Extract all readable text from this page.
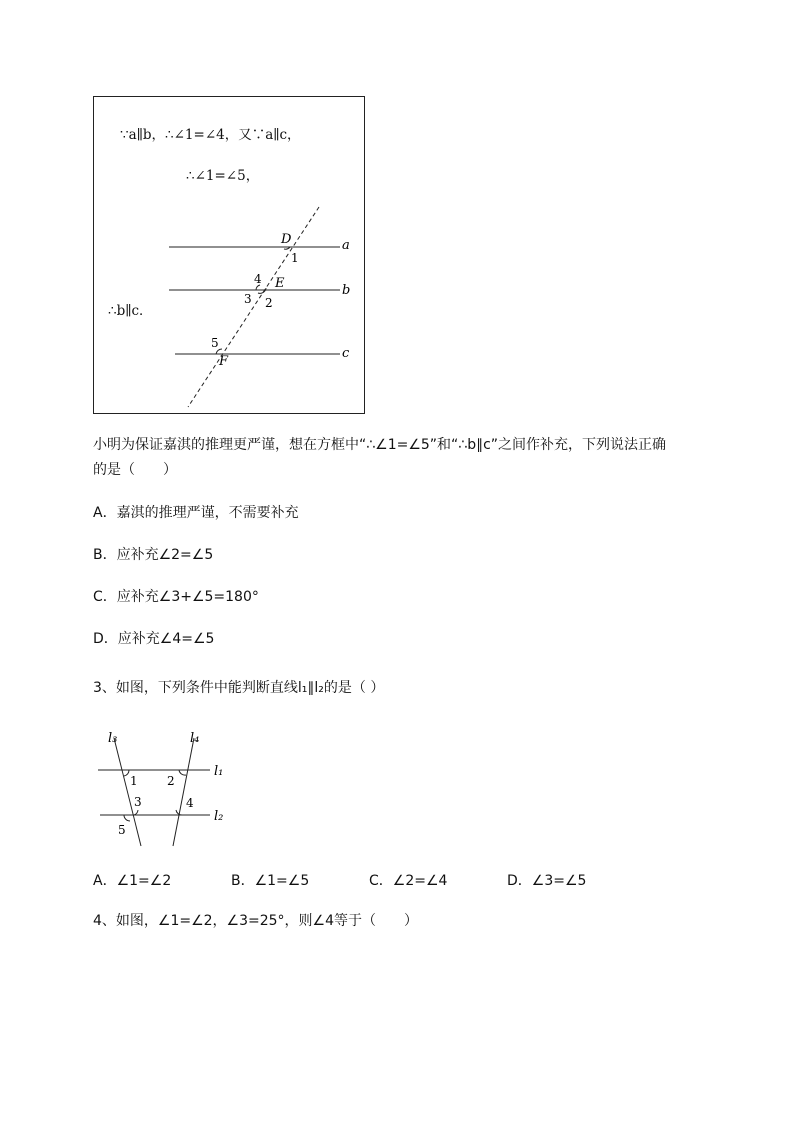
∵a∥b，∴∠1=∠4，又∵a∥c，
∴∠1=∠5，
∴b∥c．
D
1
a
4 E
3 2
b
5
F
c
小明为保证嘉淇的推理更严谨，想在方框中“∴∠1=∠5”和“∴b∥c”之间作补充，下列说法正确
的是（　　）
A．嘉淇的推理严谨，不需要补充
B．应补充∠2=∠5
C．应补充∠3+∠5=180°
D．应补充∠4=∠5
3、如图，下列条件中能判断直线l₁∥l₂的是（ ）
l₃	l₄
l₁
l₂
1 2
3	4
5
A．∠1=∠2	B．∠1=∠5	C．∠2=∠4	D．∠3=∠5
4、如图，∠1=∠2，∠3=25°，则∠4等于（　　）
